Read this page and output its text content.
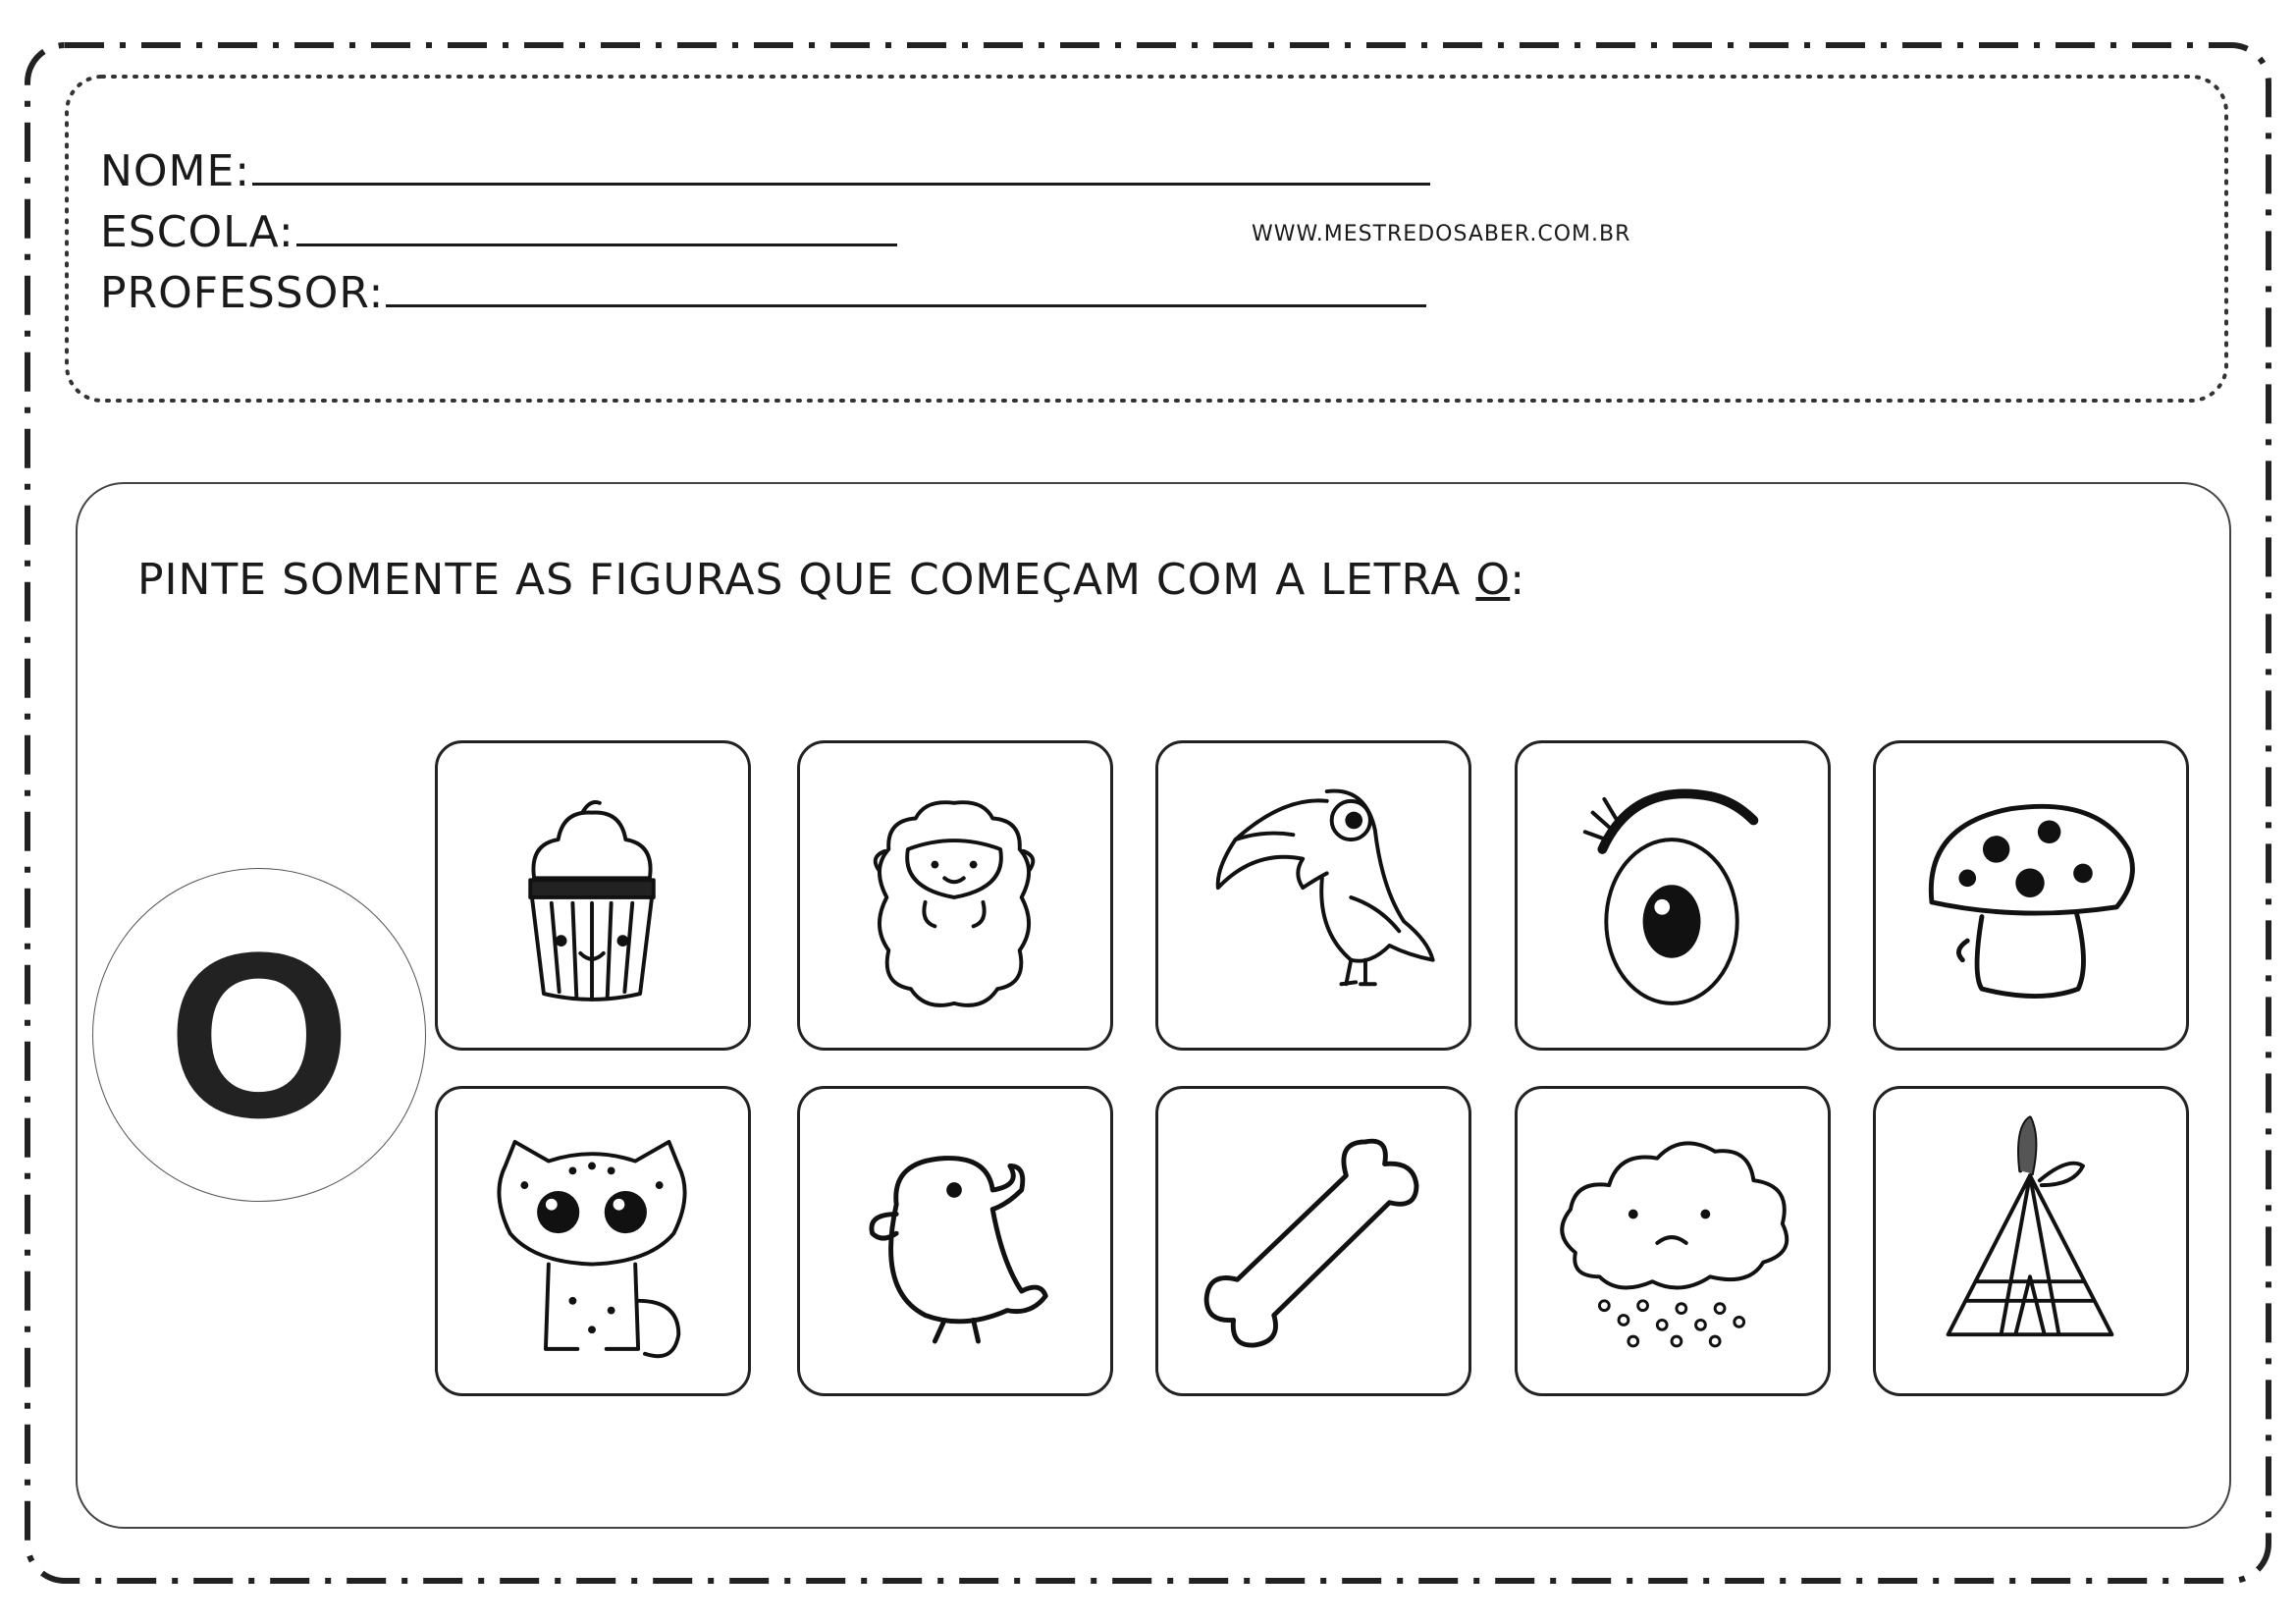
NOME:
ESCOLA:
PROFESSOR:
WWW.MESTREDOSABER.COM.BR
PINTE SOMENTE AS FIGURAS QUE COMEÇAM COM A LETRA O:
O
